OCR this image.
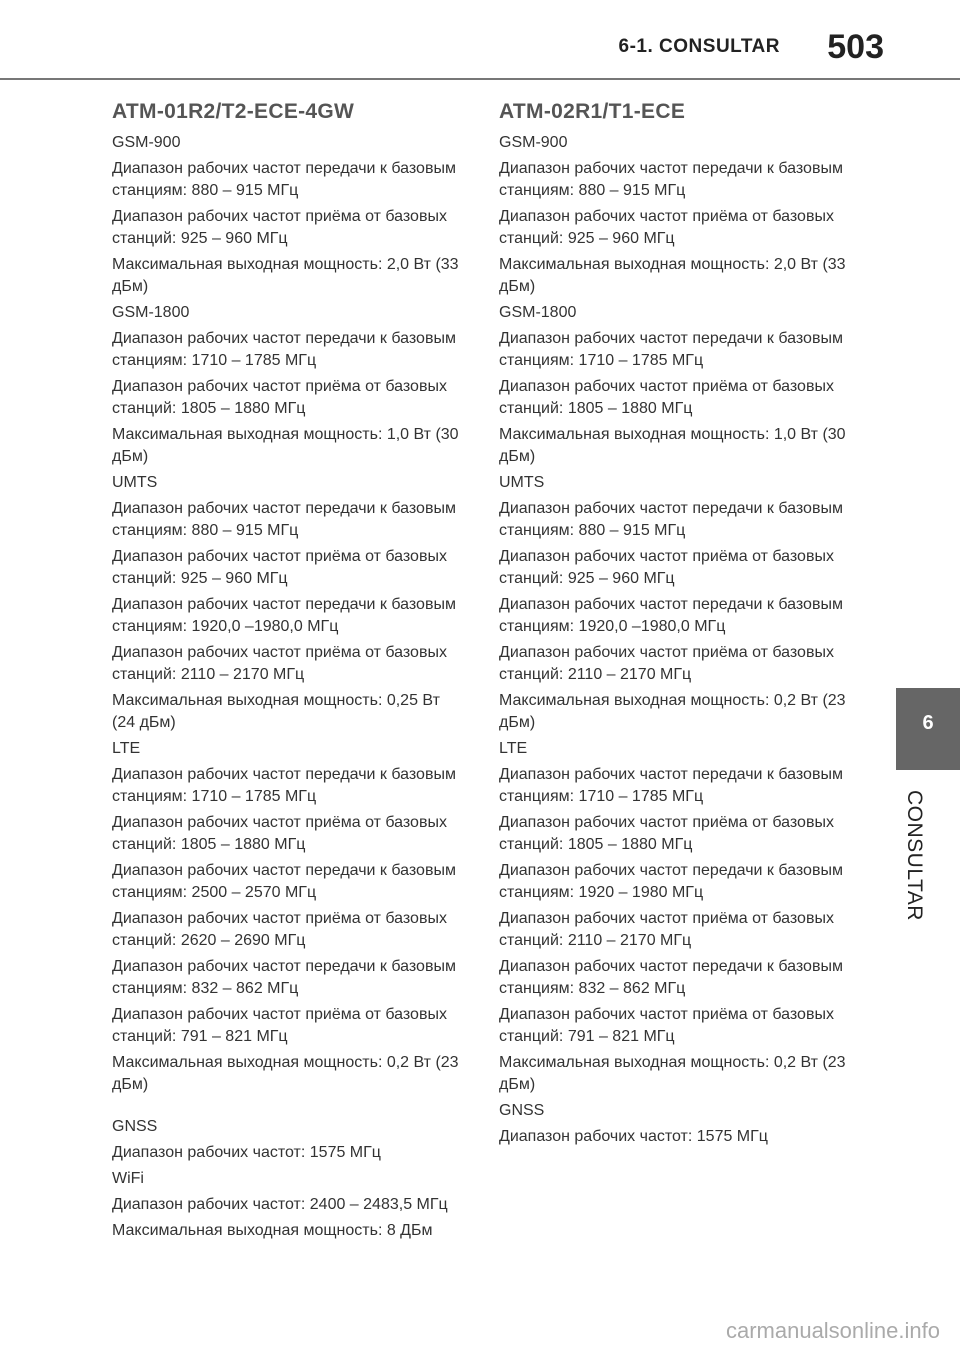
6-1. CONSULTAR 503
ATM-01R2/T2-ECE-4GW
GSM-900
Диапазон рабочих частот передачи к базовым станциям: 880 – 915 МГц
Диапазон рабочих частот приёма от базовых станций: 925 – 960 МГц
Максимальная выходная мощность: 2,0 Вт (33 дБм)
GSM-1800
Диапазон рабочих частот передачи к базовым станциям: 1710 – 1785 МГц
Диапазон рабочих частот приёма от базовых станций: 1805 – 1880 МГц
Максимальная выходная мощность: 1,0 Вт (30 дБм)
UMTS
Диапазон рабочих частот передачи к базовым станциям: 880 – 915 МГц
Диапазон рабочих частот приёма от базовых станций: 925 – 960 МГц
Диапазон рабочих частот передачи к базовым станциям: 1920,0 –1980,0 МГц
Диапазон рабочих частот приёма от базовых станций: 2110 – 2170 МГц
Максимальная выходная мощность: 0,25 Вт (24 дБм)
LTE
Диапазон рабочих частот передачи к базовым станциям: 1710 – 1785 МГц
Диапазон рабочих частот приёма от базовых станций: 1805 – 1880 МГц
Диапазон рабочих частот передачи к базовым станциям: 2500 – 2570 МГц
Диапазон рабочих частот приёма от базовых станций: 2620 – 2690 МГц
Диапазон рабочих частот передачи к базовым станциям: 832 – 862 МГц
Диапазон рабочих частот приёма от базовых станций: 791 – 821 МГц
Максимальная выходная мощность: 0,2 Вт (23 дБм)
GNSS
Диапазон рабочих частот: 1575 МГц
WiFi
Диапазон рабочих частот: 2400 – 2483,5 МГц
Максимальная выходная мощность: 8 ДБм
ATM-02R1/T1-ECE
GSM-900
Диапазон рабочих частот передачи к базовым станциям: 880 – 915 МГц
Диапазон рабочих частот приёма от базовых станций: 925 – 960 МГц
Максимальная выходная мощность: 2,0 Вт (33 дБм)
GSM-1800
Диапазон рабочих частот передачи к базовым станциям: 1710 – 1785 МГц
Диапазон рабочих частот приёма от базовых станций: 1805 – 1880 МГц
Максимальная выходная мощность: 1,0 Вт (30 дБм)
UMTS
Диапазон рабочих частот передачи к базовым станциям: 880 – 915 МГц
Диапазон рабочих частот приёма от базовых станций: 925 – 960 МГц
Диапазон рабочих частот передачи к базовым станциям: 1920,0 –1980,0 МГц
Диапазон рабочих частот приёма от базовых станций: 2110 – 2170 МГц
Максимальная выходная мощность: 0,2 Вт (23 дБм)
LTE
Диапазон рабочих частот передачи к базовым станциям: 1710 – 1785 МГц
Диапазон рабочих частот приёма от базовых станций: 1805 – 1880 МГц
Диапазон рабочих частот передачи к базовым станциям: 1920 – 1980 МГц
Диапазон рабочих частот приёма от базовых станций: 2110 – 2170 МГц
Диапазон рабочих частот передачи к базовым станциям: 832 – 862 МГц
Диапазон рабочих частот приёма от базовых станций: 791 – 821 МГц
Максимальная выходная мощность: 0,2 Вт (23 дБм)
GNSS
Диапазон рабочих частот: 1575 МГц
6
CONSULTAR
carmanualsonline.info
